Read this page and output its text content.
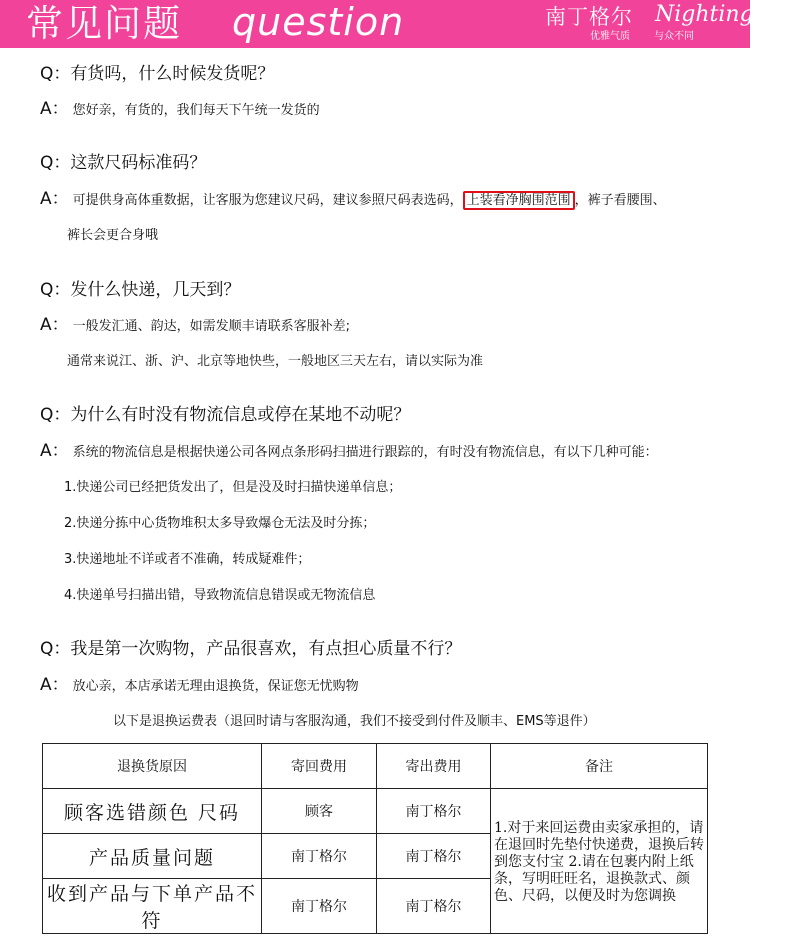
常见问题 question	南丁格尔 Nightingale
优雅气质 与众不同
Q：有货吗，什么时候发货呢？
A： 您好亲，有货的，我们每天下午统一发货的
Q：这款尺码标准码？
A： 可提供身高体重数据，让客服为您建议尺码，建议参照尺码表选码， 上装看净胸围范围 ，裤子看腰围、
裤长会更合身哦
Q：发什么快递，几天到？
A： 一般发汇通、韵达，如需发顺丰请联系客服补差;
通常来说江、浙、沪、北京等地快些，一般地区三天左右，请以实际为准
Q：为什么有时没有物流信息或停在某地不动呢？
A： 系统的物流信息是根据快递公司各网点条形码扫描进行跟踪的，有时没有物流信息，有以下几种可能：
1.快递公司已经把货发出了，但是没及时扫描快递单信息；
2.快递分拣中心货物堆积太多导致爆仓无法及时分拣；
3.快递地址不详或者不准确，转成疑难件；
4.快递单号扫描出错，导致物流信息错误或无物流信息
Q：我是第一次购物，产品很喜欢，有点担心质量不行？
A： 放心亲，本店承诺无理由退换货，保证您无忧购物
以下是退换运费表（退回时请与客服沟通，我们不接受到付件及顺丰、EMS等退件）
退换货原因	寄回费用	寄出费用	备注
顾客选错颜色 尺码	顾客	南丁格尔	1.对于来回运费由卖家承担的，请在退回时先垫付快递费，退换后转到您支付宝 2.请在包裹内附上纸条，写明旺旺名，退换款式、颜色、尺码，以便及时为您调换
产品质量问题	南丁格尔	南丁格尔	
收到产品与下单产品不符	南丁格尔	南丁格尔	
